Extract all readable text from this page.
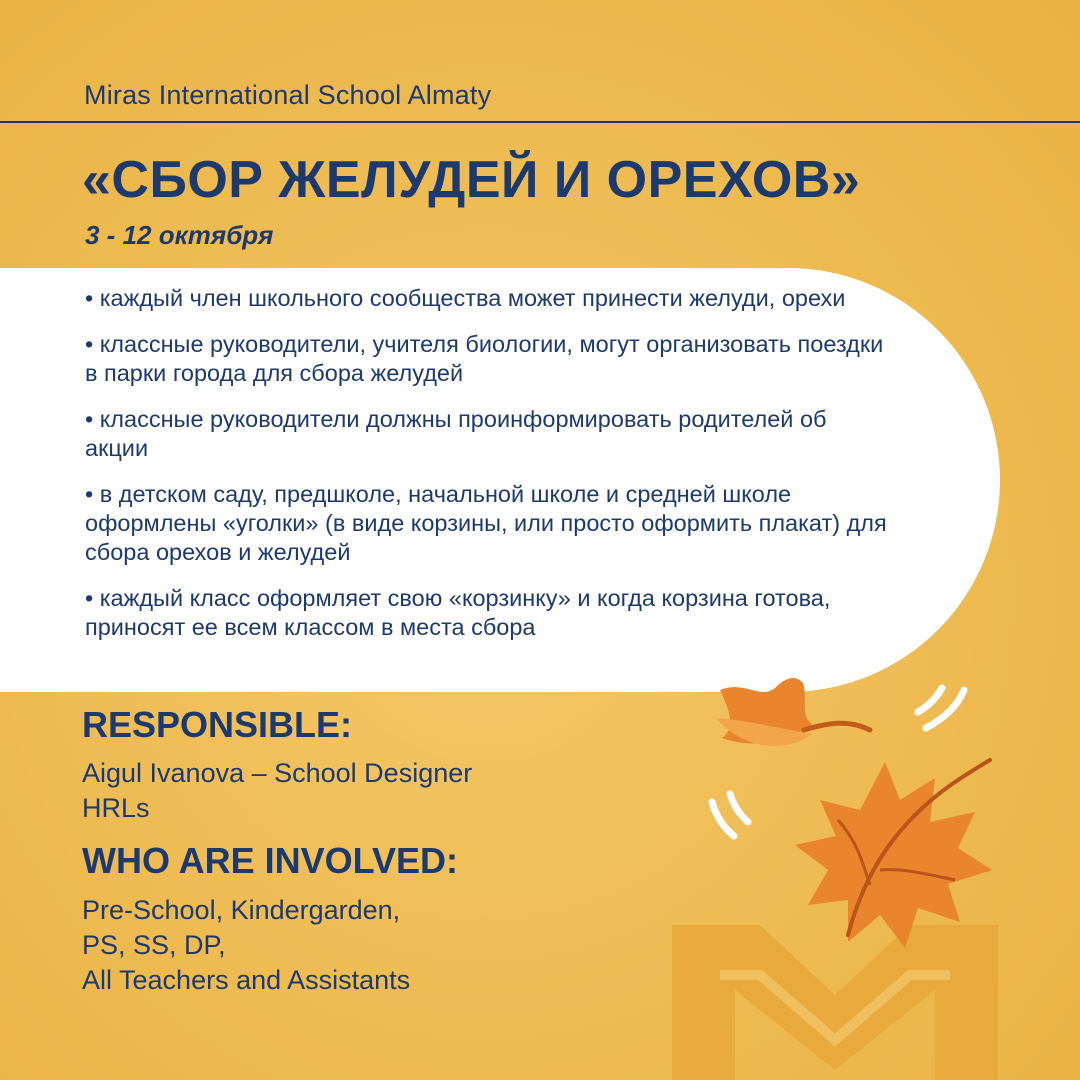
Miras International School Almaty
«СБОР ЖЕЛУДЕЙ И ОРЕХОВ»
3 - 12 октября
• каждый член школьного сообщества может принести желуди, орехи
• классные руководители, учителя биологии, могут организовать поездки в парки города для сбора желудей
• классные руководители должны проинформировать родителей об акции
• в детском саду, предшколе, начальной школе и средней школе оформлены «уголки» (в виде корзины, или просто оформить плакат) для сбора орехов и желудей
• каждый класс оформляет свою «корзинку» и когда корзина готова, приносят ее всем классом в места сбора
RESPONSIBLE:
Aigul Ivanova – School Designer
HRLs
WHO ARE INVOLVED:
Pre-School, Kindergarden,
PS, SS, DP,
All Teachers and Assistants
